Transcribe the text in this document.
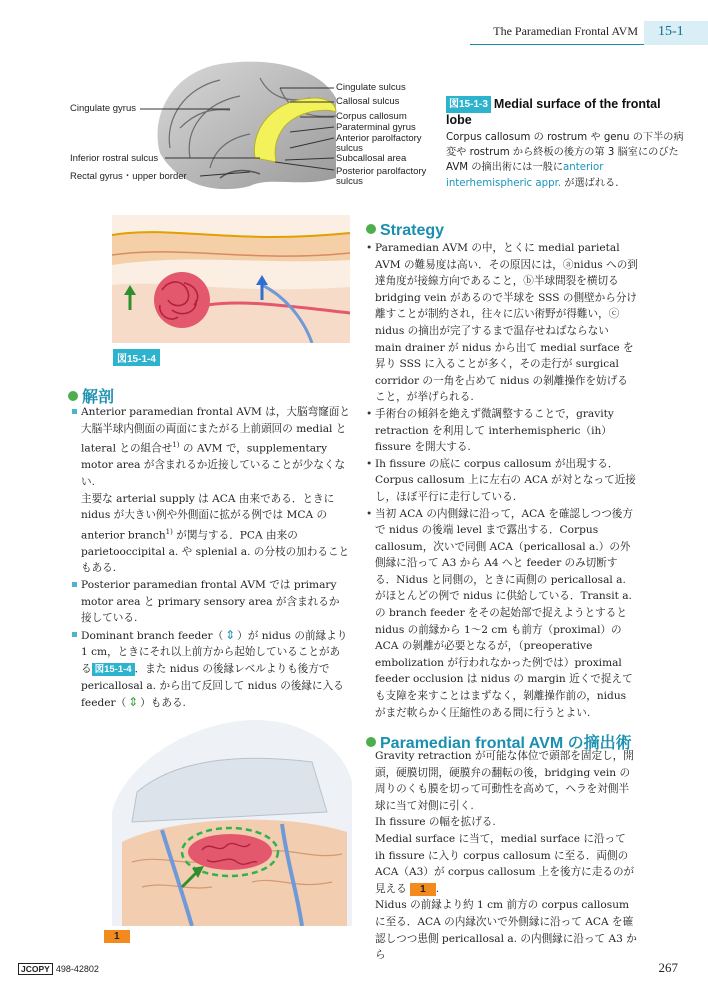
The Paramedian Frontal AVM	15-1
Cingulate gyrus
Inferior rostral sulcus
Rectal gyrus・upper border
Cingulate sulcus
Callosal sulcus
Corpus callosum
Paraterminal gyrus
Anterior parolfactory sulcus
Subcallosal area
Posterior parolfactory sulcus
図15-1-3 Medial surface of the frontal lobe
Corpus callosum の rostrum や genu の下半の病変や rostrum から終板の後方の第 3 脳室にのびた AVM の摘出術には一般にanterior interhemispheric appr. が選ばれる.
図15-1-4
解剖

Anterior paramedian frontal AVM は，大脳弯窿面と大脳半球内側面の両面にまたがる上前頭回の medial と lateral との組合せ$^{1)}$ の AVM で，supplementary motor area が含まれるか近接していることが少なくない.

主要な arterial supply は ACA 由来である．ときに nidus が大きい例や外側面に拡がる例では MCA の anterior branch$^{1)}$ が関与する．PCA 由来の parietooccipital a. や splenial a. の分枝の加わることもある.

Posterior paramedian frontal AVM では primary motor area と primary sensory area が含まれるか接している.

Dominant branch feeder（ ⇕ ）が nidus の前縁より 1 cm，ときにそれ以上前方から起始していることがある 図15-1-4 ．また nidus の後縁レベルよりも後方で pericallosal a. から出て反回して nidus の後縁に入る feeder（ ⇕ ）もある.

Strategy

• Paramedian AVM の中，とくに medial parietal AVM の難易度は高い．その原因には，ⓐnidus への到達角度が接線方向であること，ⓑ半球間裂を横切る bridging vein があるので半球を SSS の側壁から分け離すことが制約され，往々に広い術野が得難い，ⓒ nidus の摘出が完了するまで温存せねばならない main drainer が nidus から出て medial surface を昇り SSS に入ることが多く，その走行が surgical corridor の一角を占めて nidus の剝離操作を妨げること，が挙げられる.

• 手術台の傾斜を絶えず微調整することで，gravity retraction を利用して interhemispheric（ih）fissure を開大する.

• Ih fissure の底に corpus callosum が出現する．Corpus callosum 上に左右の ACA が対となって近接し，ほぼ平行に走行している.

• 当初 ACA の内側縁に沿って，ACA を確認しつつ後方で nidus の後端 level まで露出する．Corpus callosum，次いで同側 ACA（pericallosal a.）の外側縁に沿って A3 から A4 へと feeder のみ切断する．Nidus と同側の，ときに両側の pericallosal a. がほとんどの例で nidus に供給している．Transit a. の branch feeder をその起始部で捉えようとすると nidus の前縁から 1～2 cm も前方（proximal）の ACA の剝離が必要となるが，（preoperative embolization が行われなかった例では）proximal feeder occlusion は nidus の margin 近くで捉えても支障を来すことはまずなく，剝離操作前の，nidus がまだ軟らかく圧縮性のある間に行うとよい.

Paramedian frontal AVM の摘出術

Gravity retraction が可能な体位で頭部を固定し，開頭，硬膜切開，硬膜弁の翻転の後，bridging vein の周りのくも膜を切って可動性を高めて，ヘラを対側半球に当て対側に引く.

Ih fissure の幅を拡げる.

Medial surface に当て，medial surface に沿って ih fissure に入り corpus callosum に至る．両側の ACA（A3）が corpus callosum 上を後方に走るのが見える 1 .

Nidus の前縁より約 1 cm 前方の corpus callosum に至る．ACA の内縁次いで外側縁に沿って ACA を確認しつつ患側 pericallosal a. の内側縁に沿って A3 から

1
JCOPY 498-42802	267
